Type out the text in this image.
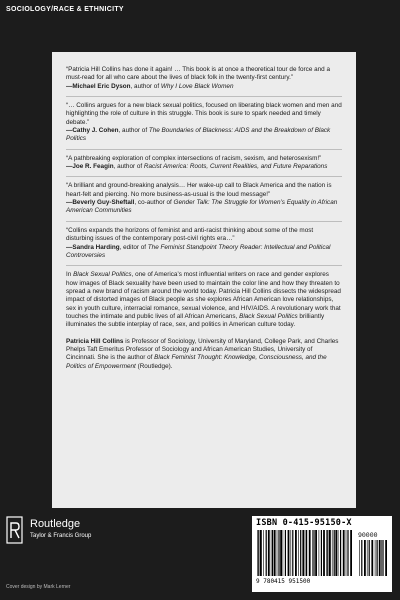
SOCIOLOGY/RACE & ETHNICITY

“Patricia Hill Collins has done it again! … This book is at once a theoretical tour de force and a must-read for all who care about the lives of black folk in the twenty-first century.”

—Michael Eric Dyson, author of Why I Love Black Women

“… Collins argues for a new black sexual politics, focused on liberating black women and men and highlighting the role of culture in this struggle. This book is sure to spark needed and timely debate.”

—Cathy J. Cohen, author of The Boundaries of Blackness: AIDS and the Breakdown of Black Politics

“A pathbreaking exploration of complex intersections of racism, sexism, and heterosexism!”

—Joe R. Feagin, author of Racist America: Roots, Current Realities, and Future Reparations

“A brilliant and ground-breaking analysis… Her wake-up call to Black America and the nation is heart-felt and piercing. No more business-as-usual is the loud message!”

—Beverly Guy-Sheftall, co-author of Gender Talk: The Struggle for Women’s Equality in African American Communities

“Collins expands the horizons of feminist and anti-racist thinking about some of the most disturbing issues of the contemporary post-civil rights era…”

—Sandra Harding, editor of The Feminist Standpoint Theory Reader: Intellectual and Political Controversies

In Black Sexual Politics, one of America’s most influential writers on race and gender explores how images of Black sexuality have been used to maintain the color line and how they threaten to spread a new brand of racism around the world today. Patricia Hill Collins dissects the widespread impact of distorted images of Black people as she explores African American love relationships, sex in youth culture, interracial romance, sexual violence, and HIV/AIDS. A revolutionary work that touches the intimate and public lives of all African Americans, Black Sexual Politics brilliantly illuminates the subtle interplay of race, sex, and politics in American culture today.

Patricia Hill Collins is Professor of Sociology, University of Maryland, College Park, and Charles Phelps Taft Emeritus Professor of Sociology and African American Studies, University of Cincinnati. She is the author of Black Feminist Thought: Knowledge, Consciousness, and the Politics of Empowerment (Routledge).

Routledge
Taylor & Francis Group
Cover design by Mark Lerner
ISBN 0-415-95150-X
90000
9 780415 951500
